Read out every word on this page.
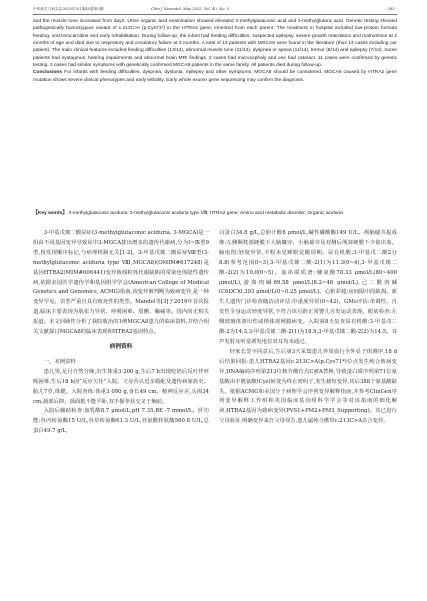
中华新生儿科杂志2025年5月第40卷第5期	Chin J Neonatol, May 2025, Vol. 40, No. 5	· 285 ·

and the muscle tone increased from day2. Urine organic acid examination showed elevated 3-methylglutaconic acid and 3-methylglutaric acid. Genetic testing showed pathogenically homozygous variant of c.213C>A (p.Cys71*) in the HTRA2 gene, inherited from each parent. The treatment in hospital included low-protein formula feeding, oral levocarnitine and early rehabilitation. During follow-up, the infant had feeding difficulties, suspected epilepsy, severe growth retardation and malnutrition at 2 months of age and died due to respiratory and circulatory failure at 3 months. A total of 13 patients with MGCA8 were found in the literature (thus 14 cases including our patient). The main clinical features included feeding difficulties (13/14), abnormal muscle tone (11/14), dyspnea or apnea (11/14), tremor (8/14) and epilepsy (7/14). Some patients had nystagmus, hearing impairments and abnormal brain MRI findings. 2 cases had microcephaly and one had cataract. 11 cases were confirmed by genetic testing. 3 cases had similar symptoms with genetically confirmed MGCA8 patients in the same family. All patients died during follow-up.

Conclusions For infants with feeding difficulties, dyspnea, dystonia, epilepsy and other symptoms, MGCA8 should be considered. MGCA8 caused by HTRA2 gene mutation shows severe clinical phenotypes and early lethality. Early whole exome gene sequencing may confirm the diagnosis.

【Key words】 3-methylglutaconic aciduria; 3-methylglutaconic aciduria type Ⅷ; HTRA2 gene; Amino acid metabolic disorder; Organic aciduria

3-甲基戊烯二酸尿症(3-methylglutaconic aciduria, 3-MGCA)是一组由不同基因变异导致尿中3-MGCA排出增多的遗传代谢病,分为Ⅰ~Ⅸ型9型,按发现顺序标记,与病理机制无关[1-2]。3-甲基戊烯二酸尿症Ⅷ型(3-methylglutaconic aciduria type Ⅷ,MGCA8)(OMIM#617248)是基因HTRA2(MIM#606441)变异致线粒体代谢缺陷的常染色体隐性遗传病,依据美国医学遗传学和基因组学学会(American College of Medical Genetics and Genomics, ACMG)指南,该变异被判断为致病变异,是一种变异罕见、表型严重且具有致死性的类型。Mandel等[3]于2016年首次报道,临床主要表现为肌张力异常、呼吸困难、震颤、癫痫等。国内尚无相关报道。本文回顾性分析了我院收治的1例MGCA8患儿的临床资料,并结合相关文献探讨MGCA8的临床表现和HTRA2基因特点。

病例资料

一、本例资料

患儿男,足月自然分娩,出生体重3 200 g,生后7 h出现吃奶后反吐伴呼吸困难,生后18 h因“反应欠佳”入院。父母否认近亲婚配及遗传病家族史。胎儿7岁,体健。入院查体:体重3 090 g,身长49 cm。精神反应差,头围34 cm,颈部后抑、颈面抵不能平卧,双手握拳状交叉于胸前。

入院后辅助检查:血乳酸8.7 μmol/L,pH 7.35,BE -7 mmol/L。肝功能:谷丙转氨酶15 U/L,谷草转氨酶61.3 U/L,谷氨酰转肽酶560.8 U/L,总蛋白49.7 g/L,

白蛋白34.8 g/L,总胆汁酸8 μmol/L,碱性磷酸酶149 U/L。颅脑磁共振成像:左侧颞枕部硬膜下大脑镰旁、小脑幕旁及双侧后颅窝硬膜下少量出血。脑电图:轻度异常,全程未见睡眠觉醒周期。尿有机酸:3-甲基戊二酸2分8.8(参考范围0~3),3-甲基戊烯二酸-2(1)为11.3(0~4),3-甲基戊烯二酸-2(2)为10.0(0~5)。血串联质谱:脯氨酸78.33 μmol/L(80~400 μmol/L),游离肉碱69.58 μmol/L(8.2~46 μmol/L),己二酰肉碱(C6DC)0.393 μmol/L(0~0.25 μmol/L)。心脏彩超:房间隔中段缺损。新生儿遗传门诊检查随访动评估:中重度异常(0~42)。GMs评估:单调性。自发性全身运动轻度异常,不符合该月龄正常婴儿自发运动表现。眼底检查:左侧玻璃体渗出性或纳体视网膜病变。入院第8天复查尿有机酸:3-甲基戊二酸-2为14.3,3-甲基戊烯二酸-2(1)为18.9,3-甲基戊烯二酸-2(2)为14.5。耳声发射及听觉诱发电位双耳均未通过。

经家长签字同意后,生后第3天采集患儿外周血行全外显子组测序,18 d后结果回报:患儿HTRA2基因c.213C>A(p.Cys71*)位点发生纯合致病变异,DNA编码序列第213位核苷酸位点C被A替换,导致蛋白质序列第71位氨基酸由半胱氨酸(Cys)转变为终止密码子,发生截短变异,其后388个氨基酸缺失。依据ACMG和美国分子病理学会序列变异解释指南,并参考ClinGen序列变异解释工作组和英国临床基因组科学学会等对该指南的细化解读,HTRA2基因为致病变异(PVS1+PM2+PM3_Supporting)。其已进行父母验证,明确变异来自父母双方,患儿属纯合携带c.213C>A杂合变异。
